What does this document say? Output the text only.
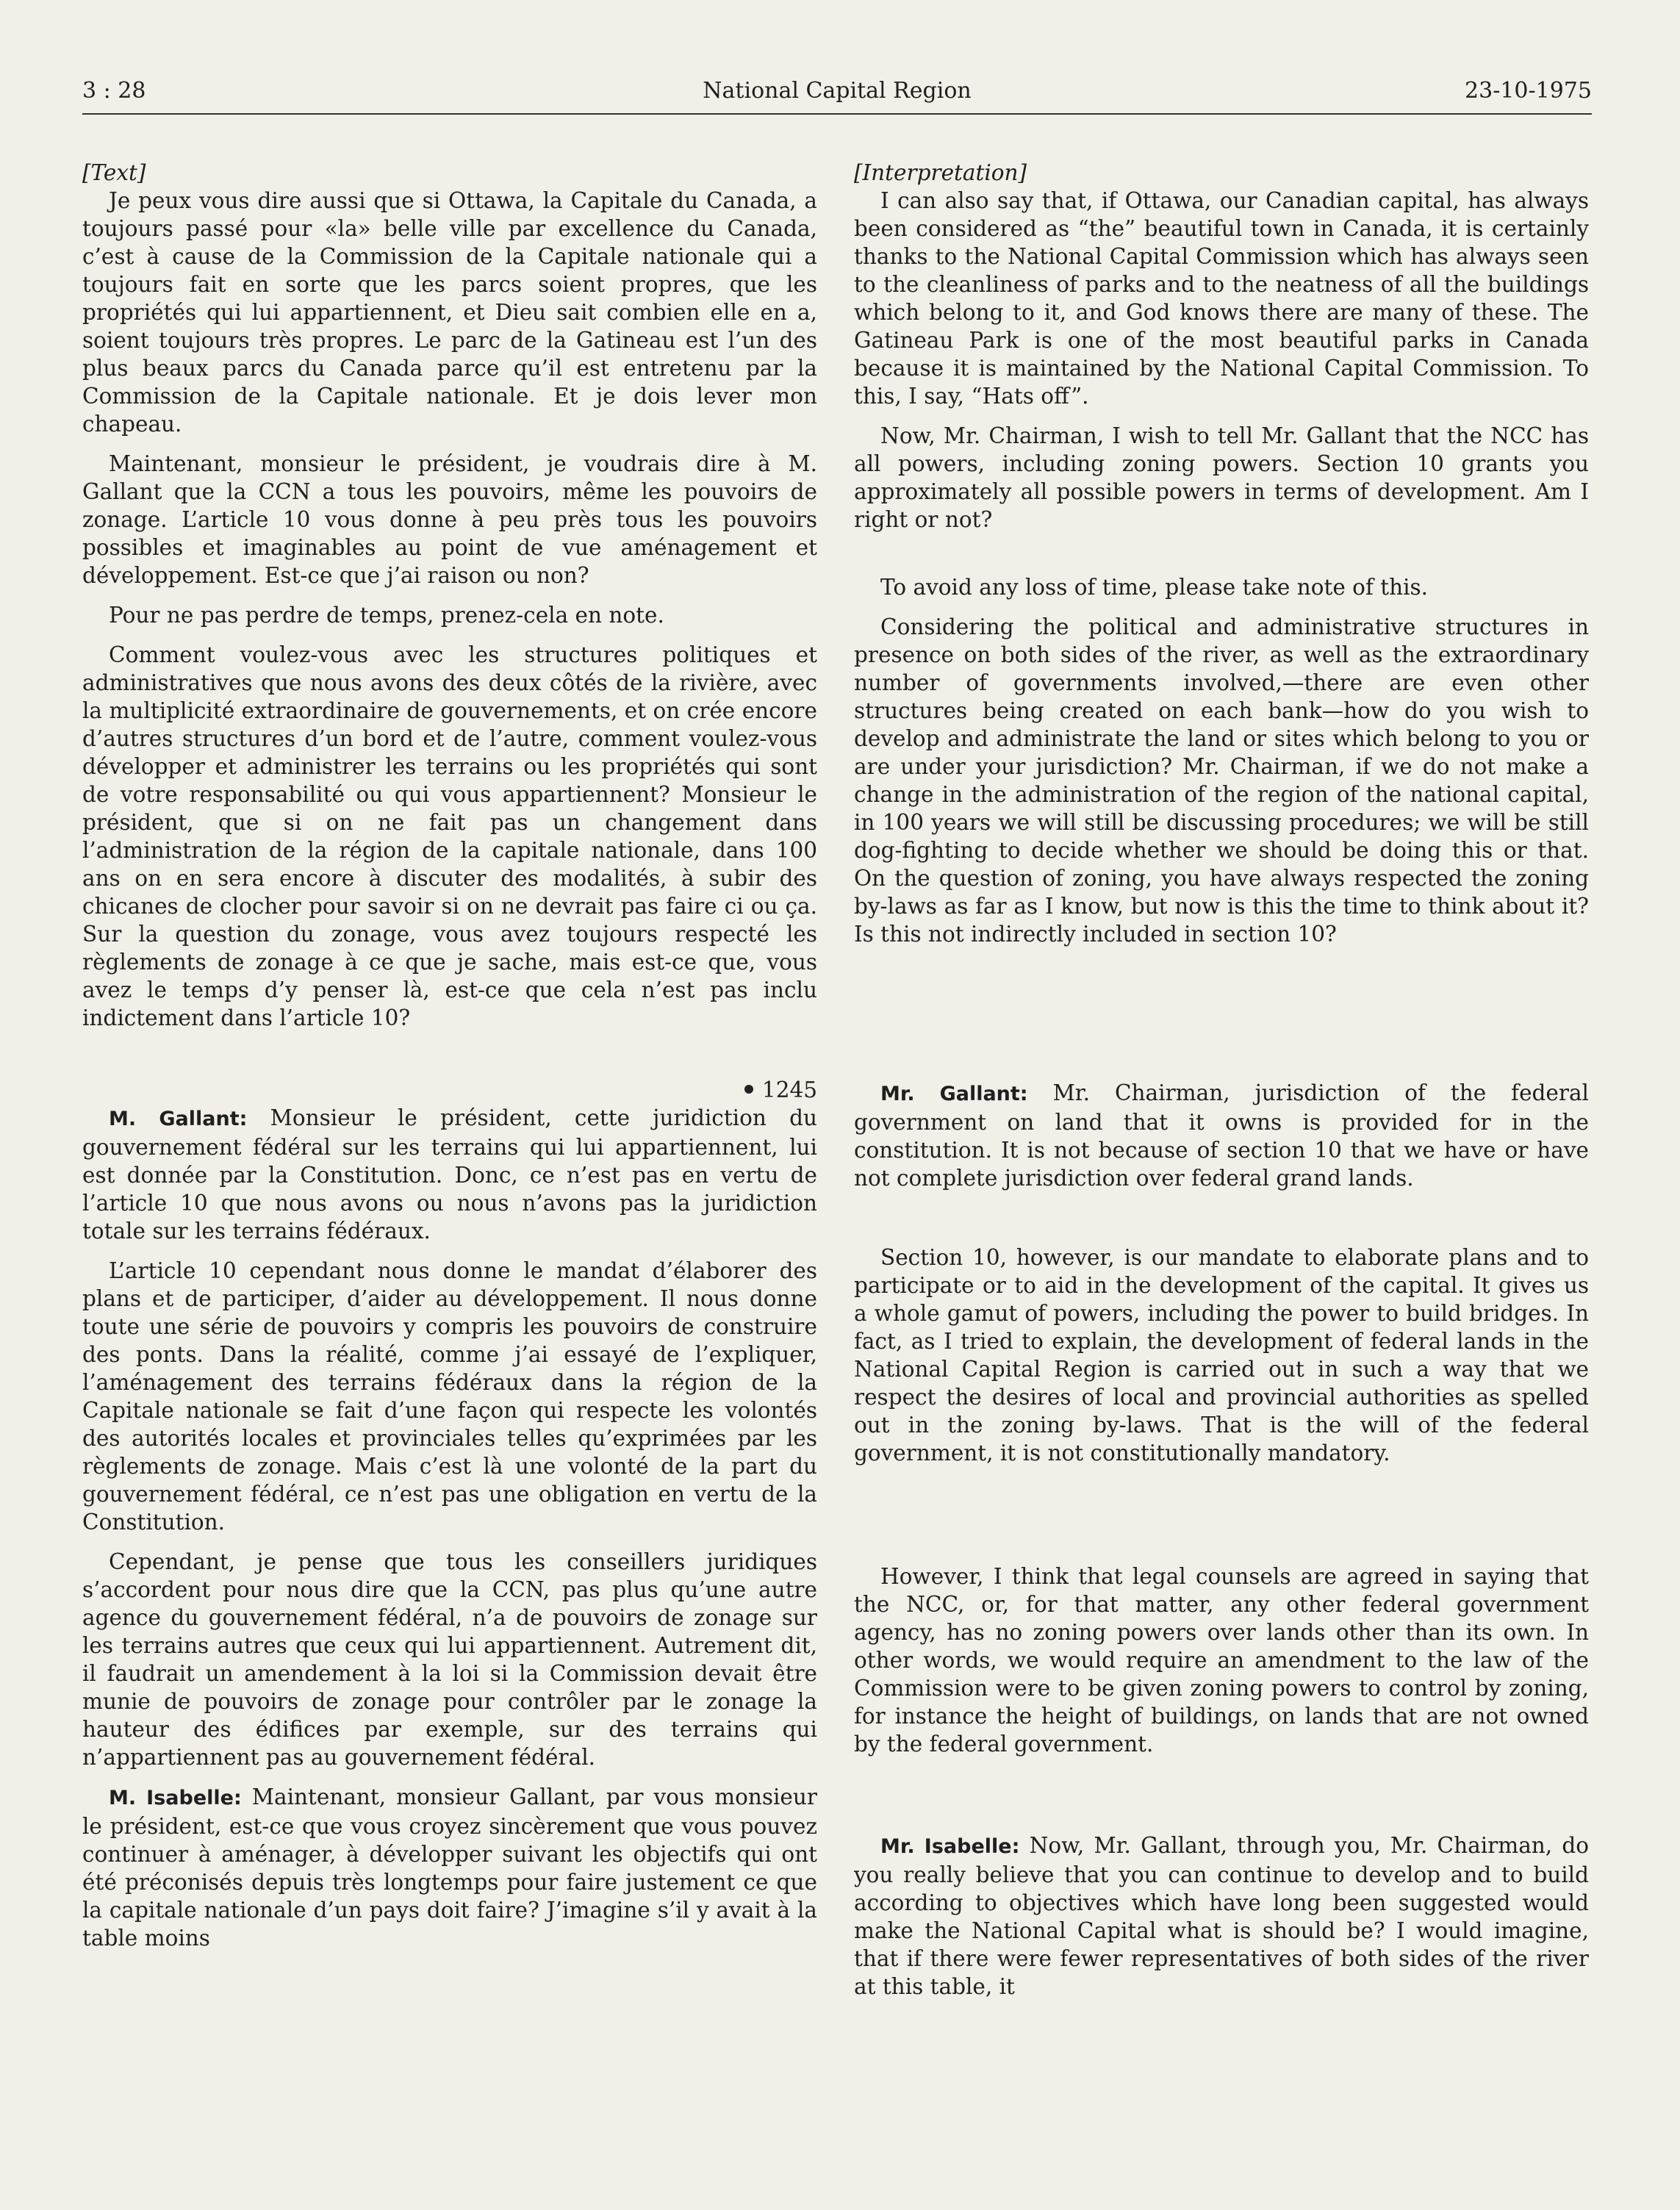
3 : 28	National Capital Region	23-10-1975

[Text]

Je peux vous dire aussi que si Ottawa, la Capitale du Canada, a toujours passé pour «la» belle ville par excellence du Canada, c’est à cause de la Commission de la Capitale nationale qui a toujours fait en sorte que les parcs soient propres, que les propriétés qui lui appartiennent, et Dieu sait combien elle en a, soient toujours très propres. Le parc de la Gatineau est l’un des plus beaux parcs du Canada parce qu’il est entretenu par la Commission de la Capitale nationale. Et je dois lever mon chapeau.

Maintenant, monsieur le président, je voudrais dire à M. Gallant que la CCN a tous les pouvoirs, même les pouvoirs de zonage. L’article 10 vous donne à peu près tous les pouvoirs possibles et imaginables au point de vue aménagement et développement. Est-ce que j’ai raison ou non?

Pour ne pas perdre de temps, prenez-cela en note.

Comment voulez-vous avec les structures politiques et administratives que nous avons des deux côtés de la rivière, avec la multiplicité extraordinaire de gouvernements, et on crée encore d’autres structures d’un bord et de l’autre, comment voulez-vous développer et administrer les terrains ou les propriétés qui sont de votre responsabilité ou qui vous appartiennent? Monsieur le président, que si on ne fait pas un changement dans l’administration de la région de la capitale nationale, dans 100 ans on en sera encore à discuter des modalités, à subir des chicanes de clocher pour savoir si on ne devrait pas faire ci ou ça. Sur la question du zonage, vous avez toujours respecté les règlements de zonage à ce que je sache, mais est-ce que, vous avez le temps d’y penser là, est-ce que cela n’est pas inclu indictement dans l’article 10?

1245

M. Gallant: Monsieur le président, cette juridiction du gouvernement fédéral sur les terrains qui lui appartiennent, lui est donnée par la Constitution. Donc, ce n’est pas en vertu de l’article 10 que nous avons ou nous n’avons pas la juridiction totale sur les terrains fédéraux.

L’article 10 cependant nous donne le mandat d’élaborer des plans et de participer, d’aider au développement. Il nous donne toute une série de pouvoirs y compris les pouvoirs de construire des ponts. Dans la réalité, comme j’ai essayé de l’expliquer, l’aménagement des terrains fédéraux dans la région de la Capitale nationale se fait d’une façon qui respecte les volontés des autorités locales et provinciales telles qu’exprimées par les règlements de zonage. Mais c’est là une volonté de la part du gouvernement fédéral, ce n’est pas une obligation en vertu de la Constitution.

Cependant, je pense que tous les conseillers juridiques s’accordent pour nous dire que la CCN, pas plus qu’une autre agence du gouvernement fédéral, n’a de pouvoirs de zonage sur les terrains autres que ceux qui lui appartiennent. Autrement dit, il faudrait un amendement à la loi si la Commission devait être munie de pouvoirs de zonage pour contrôler par le zonage la hauteur des édifices par exemple, sur des terrains qui n’appartiennent pas au gouvernement fédéral.

M. Isabelle: Maintenant, monsieur Gallant, par vous monsieur le président, est-ce que vous croyez sincèrement que vous pouvez continuer à aménager, à développer suivant les objectifs qui ont été préconisés depuis très longtemps pour faire justement ce que la capitale nationale d’un pays doit faire? J’imagine s’il y avait à la table moins

[Interpretation]

I can also say that, if Ottawa, our Canadian capital, has always been considered as “the” beautiful town in Canada, it is certainly thanks to the National Capital Commission which has always seen to the cleanliness of parks and to the neatness of all the buildings which belong to it, and God knows there are many of these. The Gatineau Park is one of the most beautiful parks in Canada because it is maintained by the National Capital Commission. To this, I say, “Hats off”.

Now, Mr. Chairman, I wish to tell Mr. Gallant that the NCC has all powers, including zoning powers. Section 10 grants you approximately all possible powers in terms of development. Am I right or not?

To avoid any loss of time, please take note of this.

Considering the political and administrative structures in presence on both sides of the river, as well as the extraordinary number of governments involved,—there are even other structures being created on each bank—how do you wish to develop and administrate the land or sites which belong to you or are under your jurisdiction? Mr. Chairman, if we do not make a change in the administration of the region of the national capital, in 100 years we will still be discussing procedures; we will be still dog-fighting to decide whether we should be doing this or that. On the question of zoning, you have always respected the zoning by-laws as far as I know, but now is this the time to think about it? Is this not indirectly included in section 10?

Mr. Gallant: Mr. Chairman, jurisdiction of the federal government on land that it owns is provided for in the constitution. It is not because of section 10 that we have or have not complete jurisdiction over federal grand lands.

Section 10, however, is our mandate to elaborate plans and to participate or to aid in the development of the capital. It gives us a whole gamut of powers, including the power to build bridges. In fact, as I tried to explain, the development of federal lands in the National Capital Region is carried out in such a way that we respect the desires of local and provincial authorities as spelled out in the zoning by-laws. That is the will of the federal government, it is not constitutionally mandatory.

However, I think that legal counsels are agreed in saying that the NCC, or, for that matter, any other federal government agency, has no zoning powers over lands other than its own. In other words, we would require an amendment to the law of the Commission were to be given zoning powers to control by zoning, for instance the height of buildings, on lands that are not owned by the federal government.

Mr. Isabelle: Now, Mr. Gallant, through you, Mr. Chairman, do you really believe that you can continue to develop and to build according to objectives which have long been suggested would make the National Capital what is should be? I would imagine, that if there were fewer representatives of both sides of the river at this table, it
